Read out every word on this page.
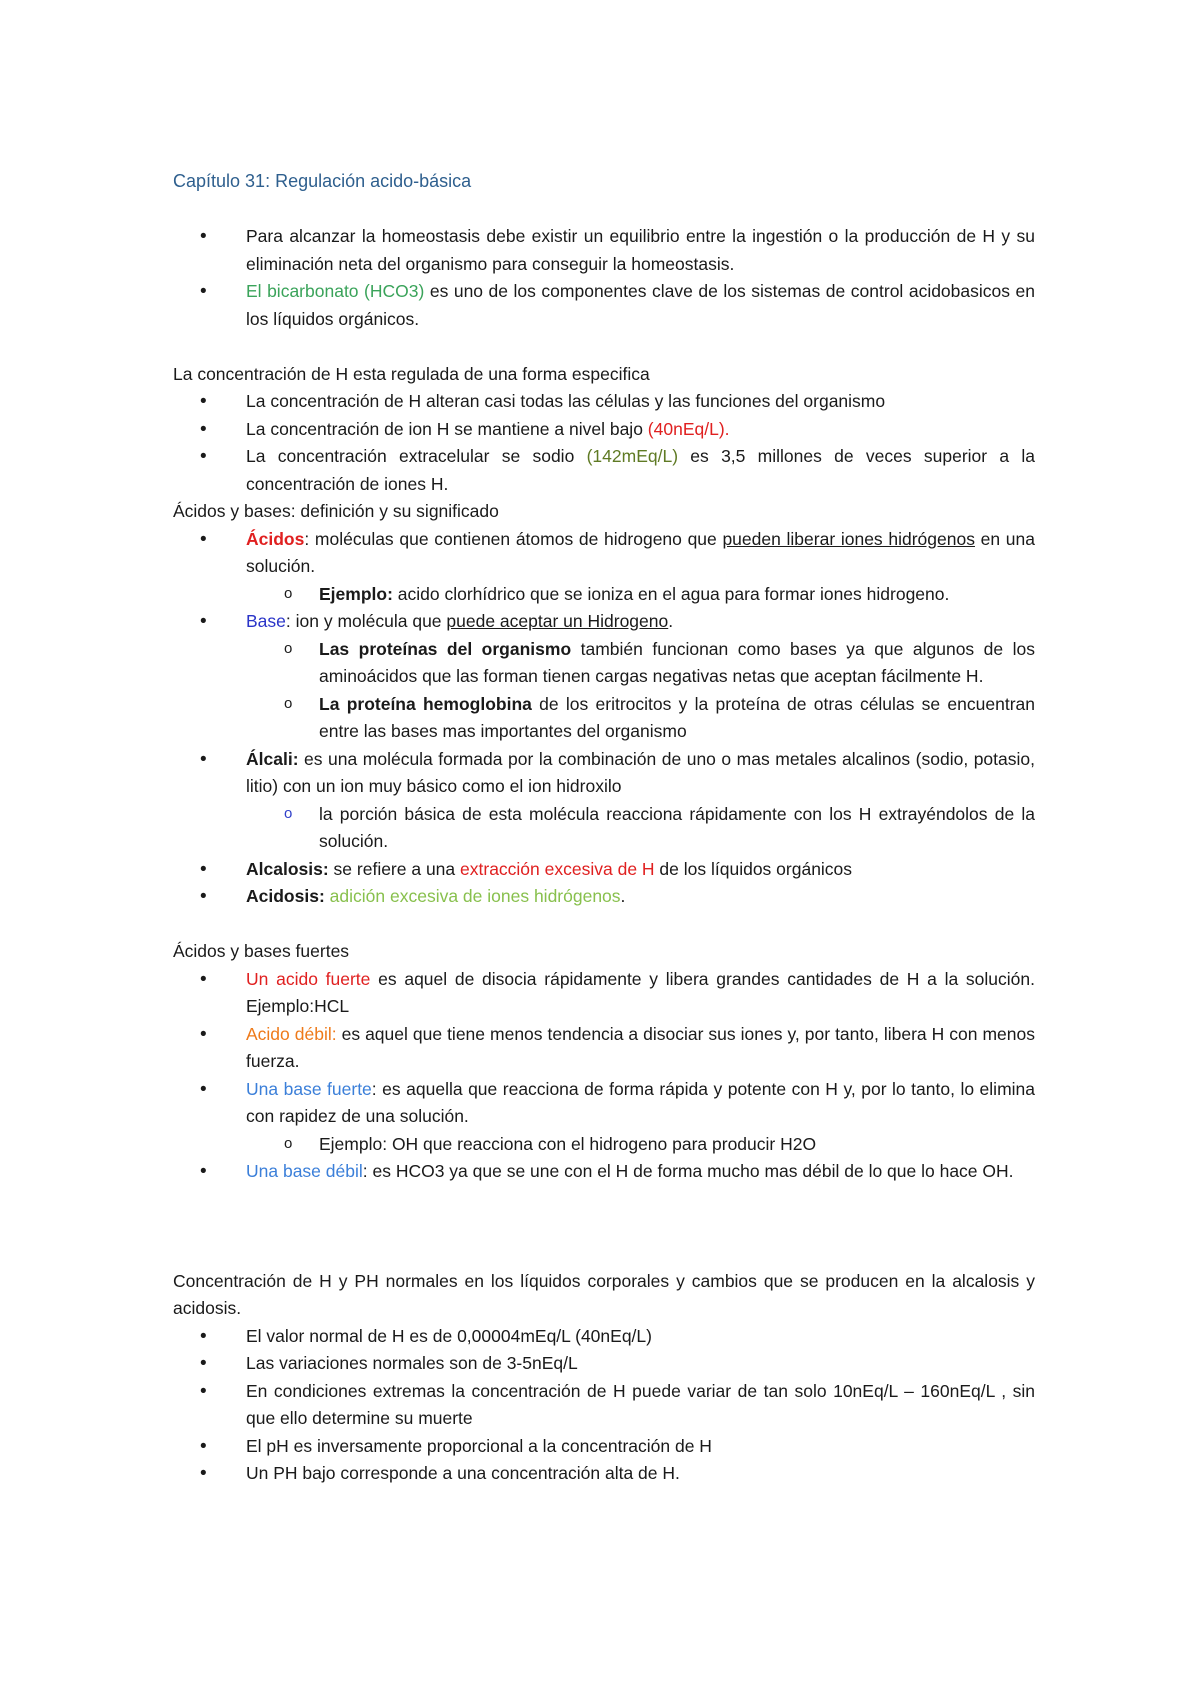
Capítulo 31: Regulación acido-básica

• Para alcanzar la homeostasis debe existir un equilibrio entre la ingestión o la producción de H y su eliminación neta del organismo para conseguir la homeostasis.
• El bicarbonato (HCO3) es uno de los componentes clave de los sistemas de control acidobasicos en los líquidos orgánicos.

La concentración de H esta regulada de una forma especifica

• La concentración de H alteran casi todas las células y las funciones del organismo
• La concentración de ion H se mantiene a nivel bajo (40nEq/L).
• La concentración extracelular se sodio (142mEq/L) es 3,5 millones de veces superior a la concentración de iones H.

Ácidos y bases: definición y su significado

• Ácidos: moléculas que contienen átomos de hidrogeno que pueden liberar iones hidrógenos en una solución.
o Ejemplo: acido clorhídrico que se ioniza en el agua para formar iones hidrogeno.
• Base: ion y molécula que puede aceptar un Hidrogeno.
o Las proteínas del organismo también funcionan como bases ya que algunos de los aminoácidos que las forman tienen cargas negativas netas que aceptan fácilmente H.
o La proteína hemoglobina de los eritrocitos y la proteína de otras células se encuentran entre las bases mas importantes del organismo
• Álcali: es una molécula formada por la combinación de uno o mas metales alcalinos (sodio, potasio, litio) con un ion muy básico como el ion hidroxilo
o la porción básica de esta molécula reacciona rápidamente con los H extrayéndolos de la solución.
• Alcalosis: se refiere a una extracción excesiva de H de los líquidos orgánicos
• Acidosis: adición excesiva de iones hidrógenos.

Ácidos y bases fuertes

• Un acido fuerte es aquel de disocia rápidamente y libera grandes cantidades de H a la solución. Ejemplo:HCL
• Acido débil: es aquel que tiene menos tendencia a disociar sus iones y, por tanto, libera H con menos fuerza.
• Una base fuerte: es aquella que reacciona de forma rápida y potente con H y, por lo tanto, lo elimina con rapidez de una solución.
o Ejemplo: OH que reacciona con el hidrogeno para producir H2O
• Una base débil: es HCO3 ya que se une con el H de forma mucho mas débil de lo que lo hace OH.

Concentración de H y PH normales en los líquidos corporales y cambios que se producen en la alcalosis y acidosis.

• El valor normal de H es de 0,00004mEq/L (40nEq/L)
• Las variaciones normales son de 3-5nEq/L
• En condiciones extremas la concentración de H puede variar de tan solo 10nEq/L – 160nEq/L , sin que ello determine su muerte
• El pH es inversamente proporcional a la concentración de H
• Un PH bajo corresponde a una concentración alta de H.
